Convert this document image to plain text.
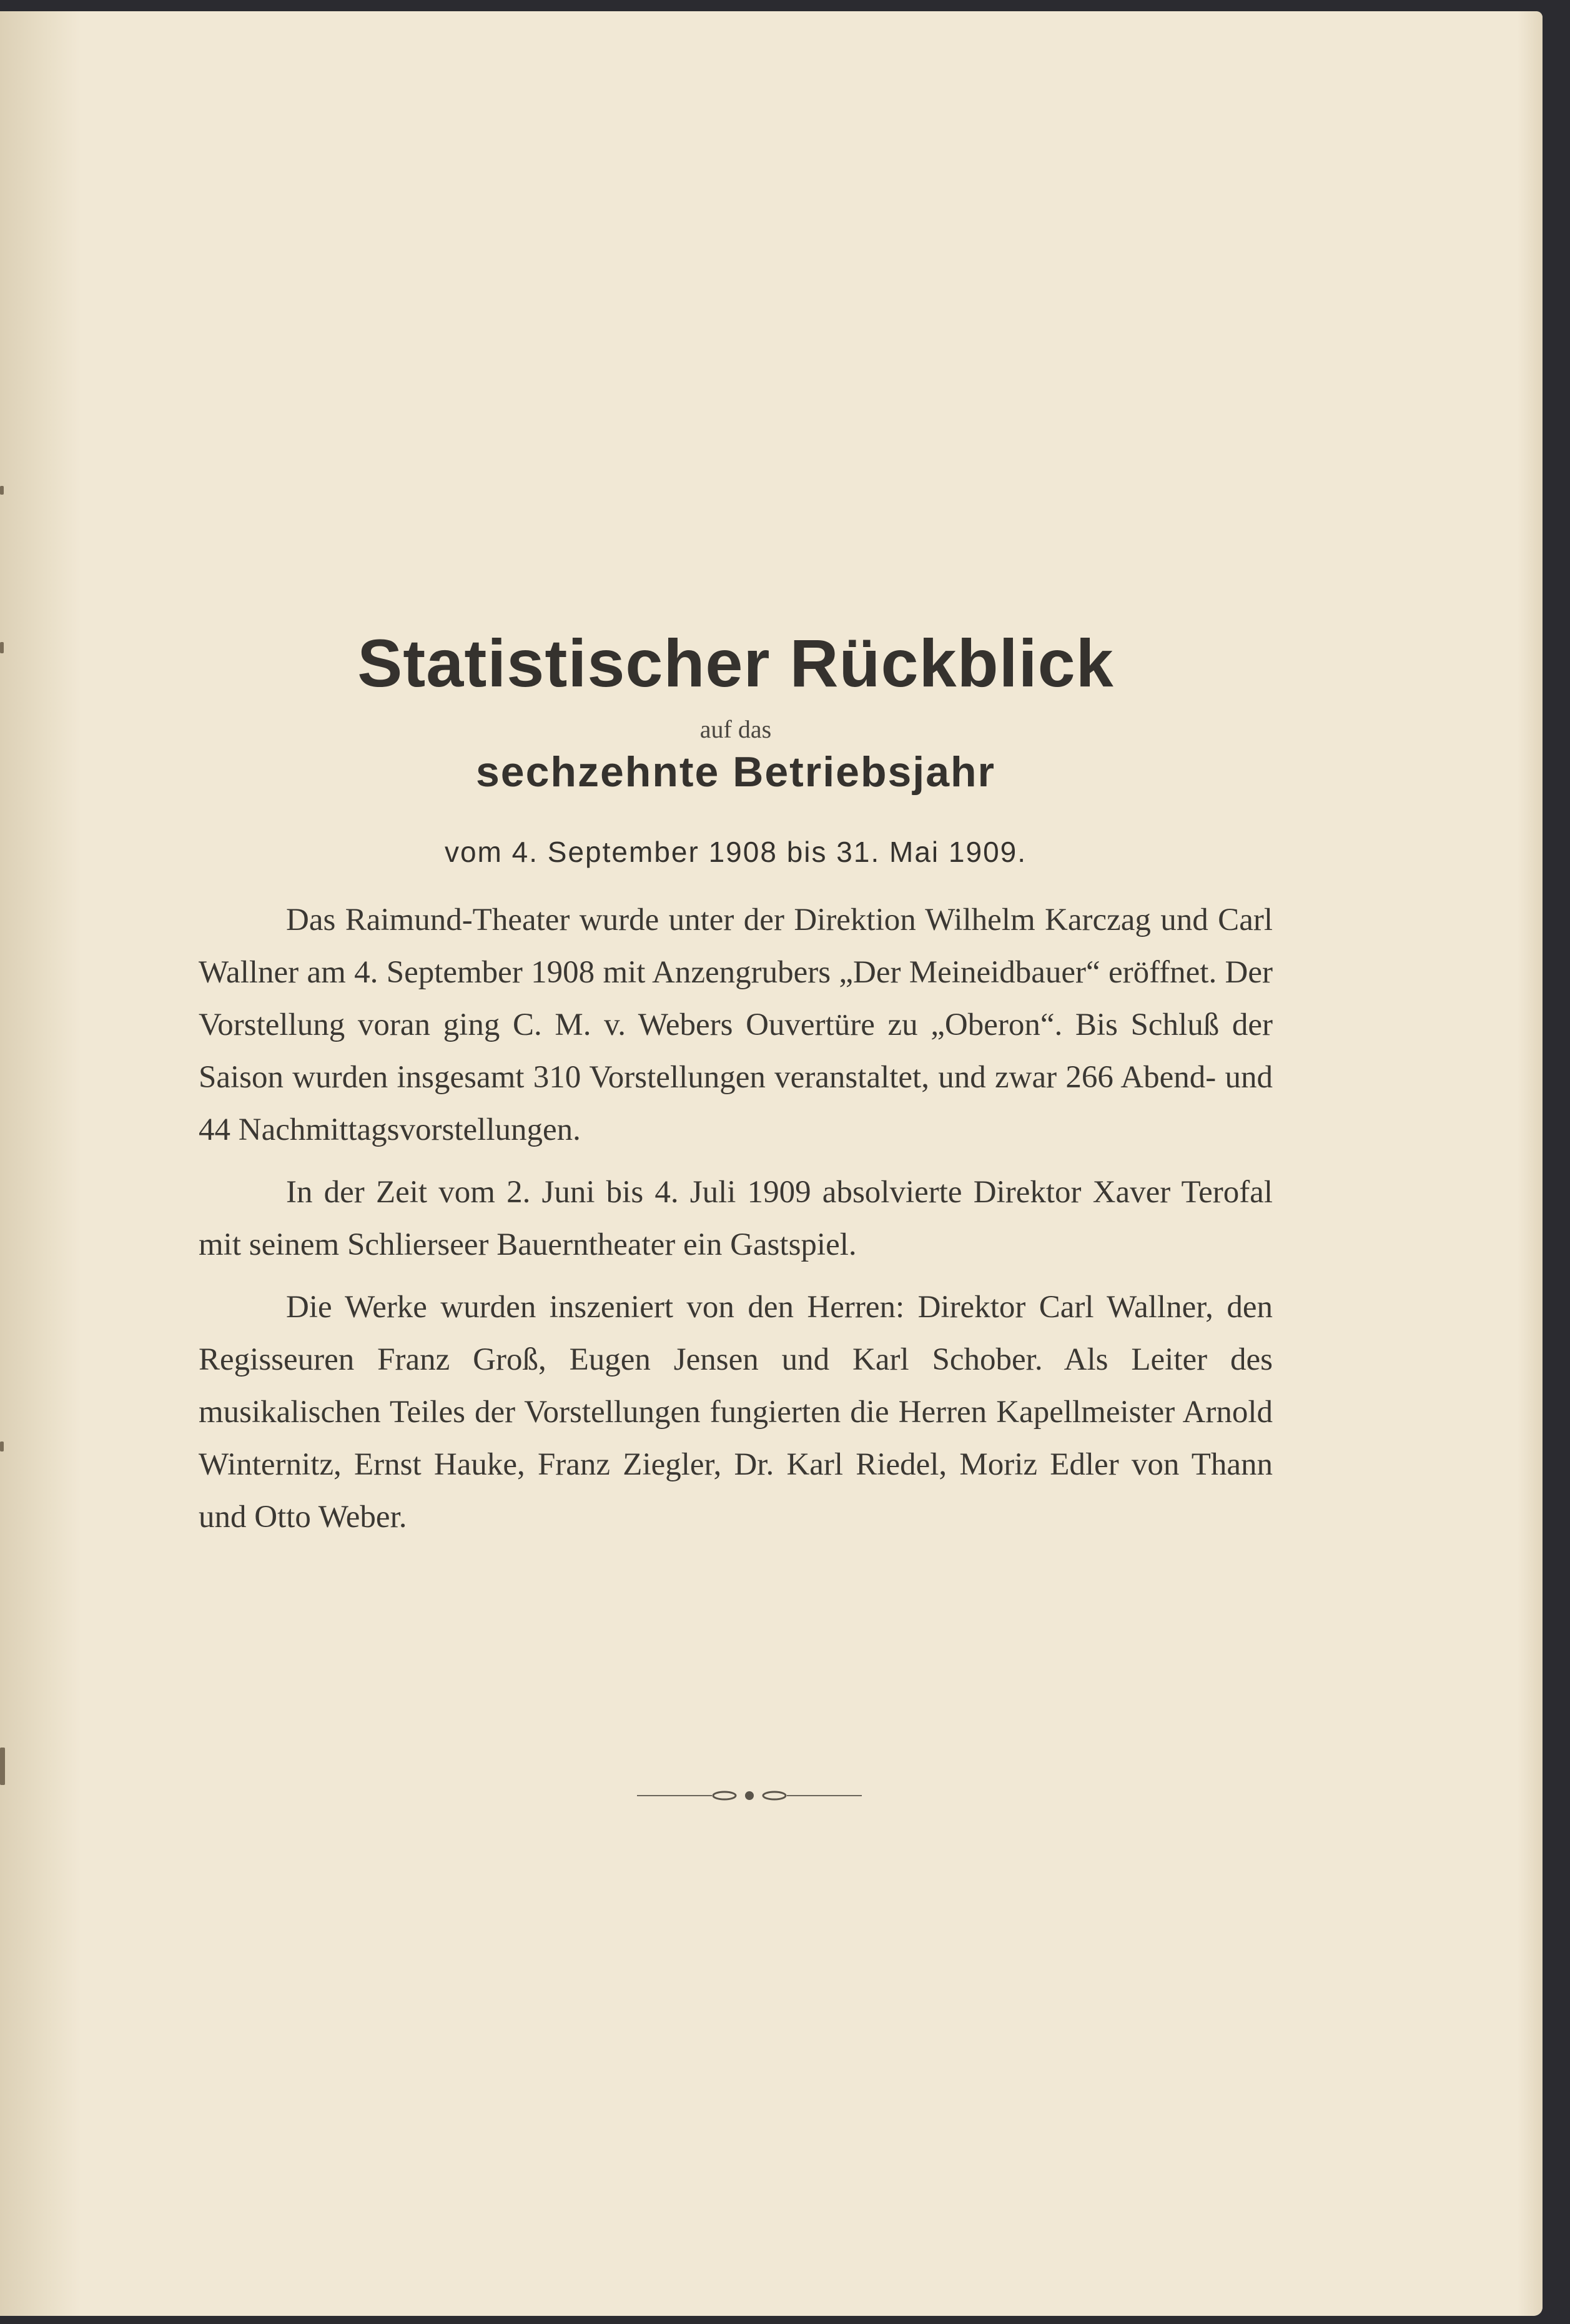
Statistischer Rückblick

auf das

sechzehnte Betriebsjahr

vom 4. September 1908 bis 31. Mai 1909.

Das Raimund-Theater wurde unter der Direktion Wilhelm Karczag und Carl Wallner am 4. September 1908 mit Anzengrubers „Der Meineidbauer“ eröffnet. Der Vorstellung voran ging C. M. v. Webers Ouvertüre zu „Oberon“. Bis Schluß der Saison wurden insgesamt 310 Vorstellungen veranstaltet, und zwar 266 Abend- und 44 Nachmittagsvorstellungen.

In der Zeit vom 2. Juni bis 4. Juli 1909 absolvierte Direktor Xaver Terofal mit seinem Schlierseer Bauerntheater ein Gastspiel.

Die Werke wurden inszeniert von den Herren: Direktor Carl Wallner, den Regisseuren Franz Groß, Eugen Jensen und Karl Schober. Als Leiter des musikalischen Teiles der Vorstellungen fungierten die Herren Kapellmeister Arnold Winternitz, Ernst Hauke, Franz Ziegler, Dr. Karl Riedel, Moriz Edler von Thann und Otto Weber.
